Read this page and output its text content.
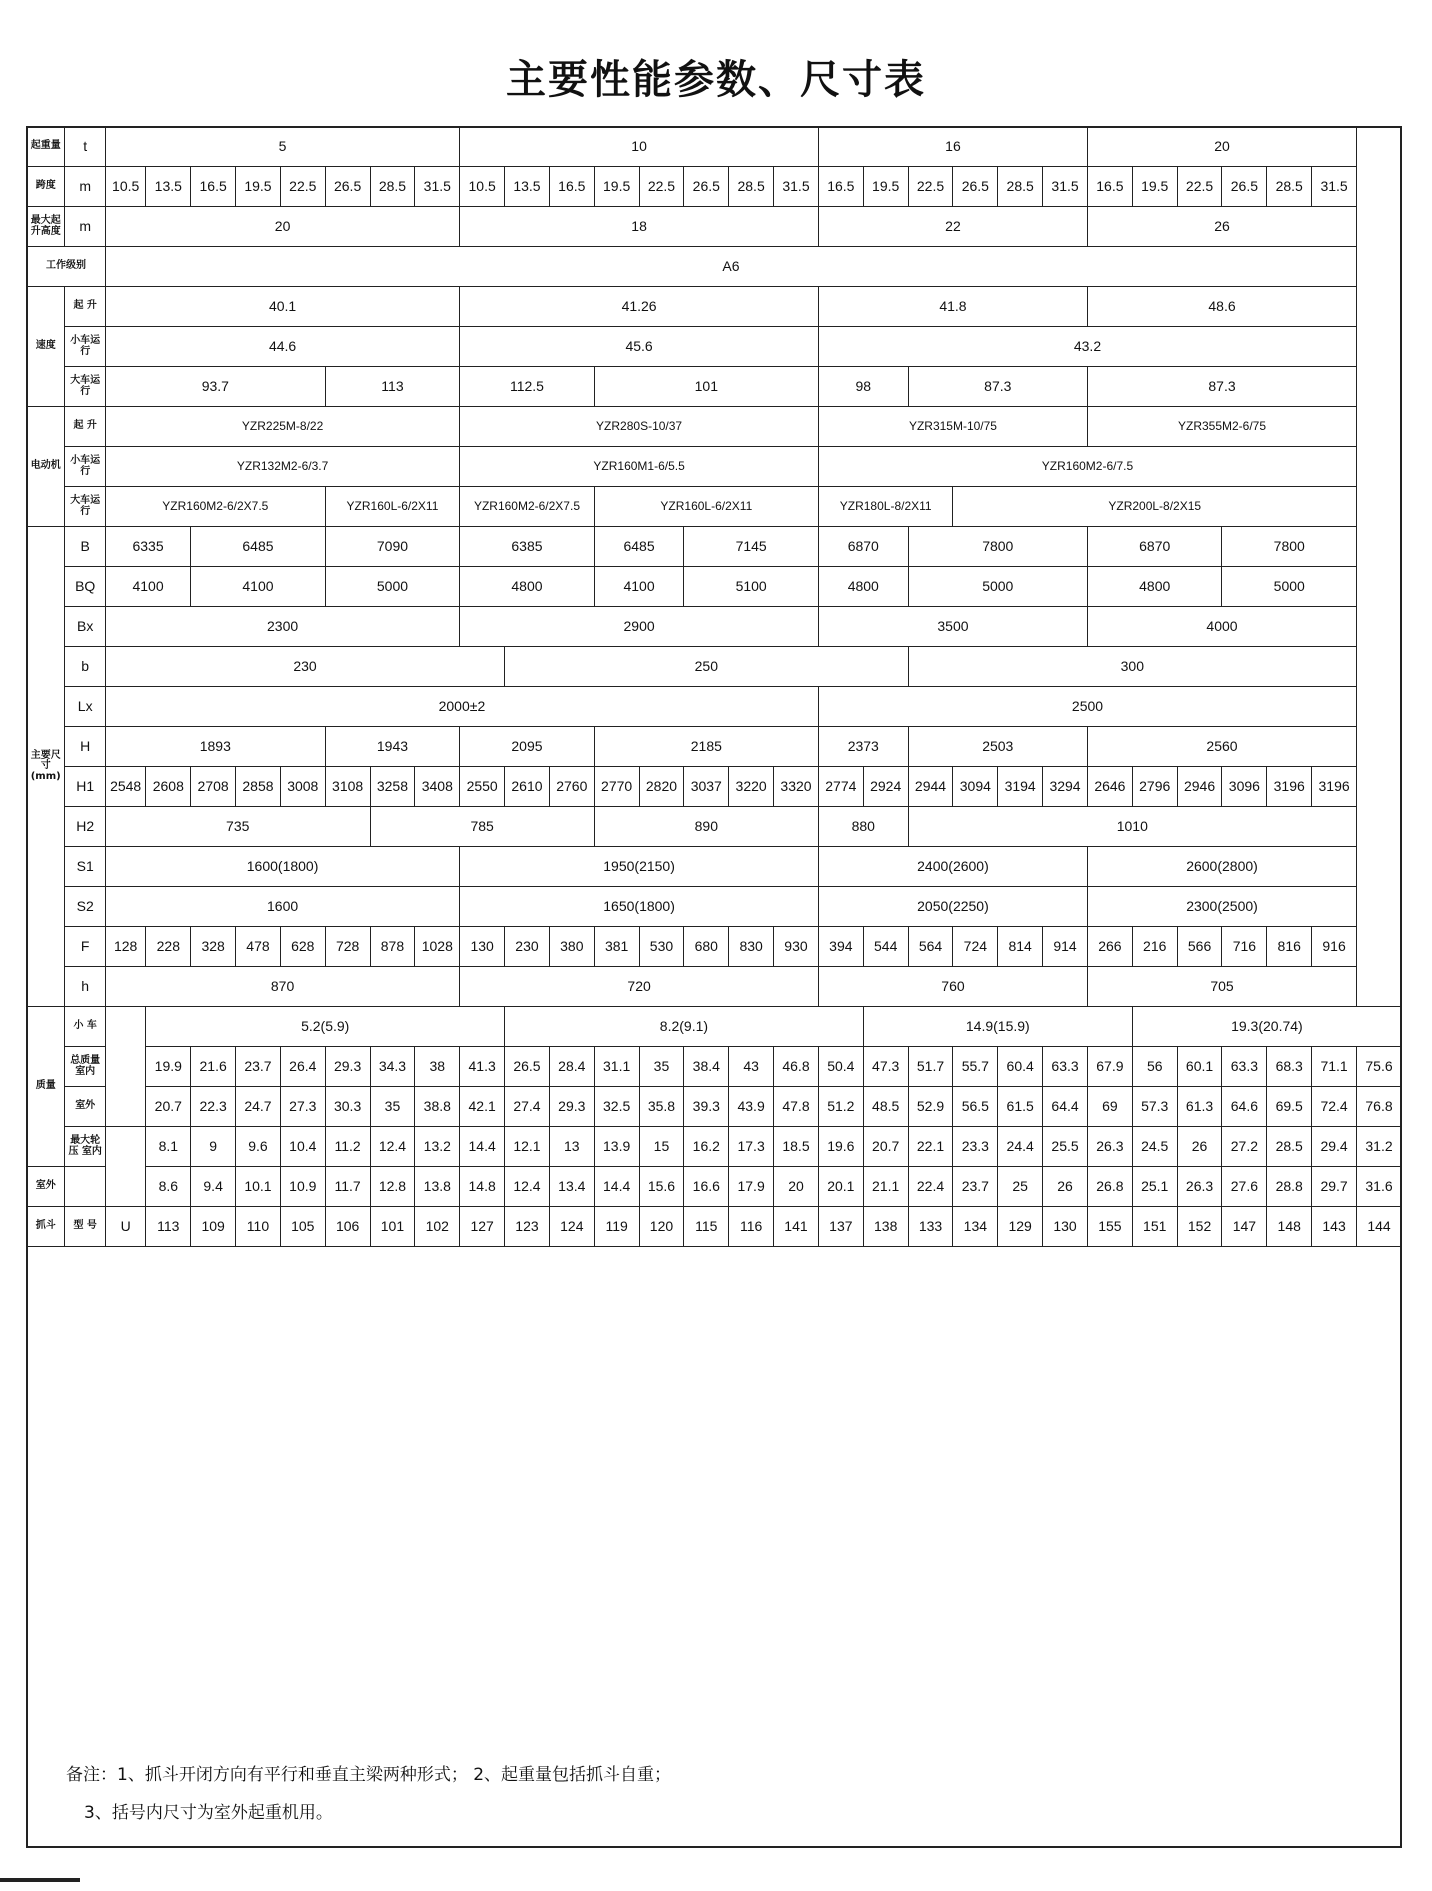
主要性能参数、尺寸表
起重量	t	5								10								16						20						
跨度	m	10.5	13.5	16.5	19.5	22.5	26.5	28.5	31.5	10.5	13.5	16.5	19.5	22.5	26.5	28.5	31.5	16.5	19.5	22.5	26.5	28.5	31.5	16.5	19.5	22.5	26.5	28.5	31.5	
最大起升高度	m	20								18								22						26						
工作级别		A6																												
速度	起 升	40.1								41.26								41.8						48.6						
	小车运行	44.6								45.6								43.2												
	大车运行	93.7					113			112.5			101					98		87.3				87.3						
电动机	起 升	YZR225M-8/22								YZR280S-10/37								YZR315M-10/75						YZR355M2-6/75						
	小车运行	YZR132M2-6/3.7								YZR160M1-6/5.5								YZR160M2-6/7.5												
	大车运行	YZR160M2-6/2X7.5					YZR160L-6/2X11			YZR160M2-6/2X7.5			YZR160L-6/2X11					YZR180L-8/2X11			YZR200L-8/2X15									
主要尺寸(mm)	B	6335		6485			7090			6385			6485		7145			6870		7800				6870			7800			
	BQ	4100		4100			5000			4800			4100		5100			4800		5000				4800			5000			
	Bx	2300								2900								3500						4000						
	b	230									250									300										
	Lx	2000±2																2500												
	H	1893					1943			2095			2185					2373		2503				2560						
	H1	2548	2608	2708	2858	3008	3108	3258	3408	2550	2610	2760	2770	2820	3037	3220	3320	2774	2924	2944	3094	3194	3294	2646	2796	2946	3096	3196	3196	
	H2	735						785					890					880		1010										
	S1	1600(1800)								1950(2150)								2400(2600)						2600(2800)						
	S2	1600								1650(1800)								2050(2250)						2300(2500)						
	F	128	228	328	478	628	728	878	1028	130	230	380	381	530	680	830	930	394	544	564	724	814	914	266	216	566	716	816	916	
	h	870								720								760						705						
质量	小 车		5.2(5.9)								8.2(9.1)								14.9(15.9)						19.3(20.74)					
	总质量 室内		19.9	21.6	23.7	26.4	29.3	34.3	38	41.3	26.5	28.4	31.1	35	38.4	43	46.8	50.4	47.3	51.7	55.7	60.4	63.3	67.9	56	60.1	63.3	68.3	71.1	75.6
	室外		20.7	22.3	24.7	27.3	30.3	35	38.8	42.1	27.4	29.3	32.5	35.8	39.3	43.9	47.8	51.2	48.5	52.9	56.5	61.5	64.4	69	57.3	61.3	64.6	69.5	72.4	76.8
	最大轮压 室内		8.1	9	9.6	10.4	11.2	12.4	13.2	14.4	12.1	13	13.9	15	16.2	17.3	18.5	19.6	20.7	22.1	23.3	24.4	25.5	26.3	24.5	26	27.2	28.5	29.4	31.2
室外			8.6	9.4	10.1	10.9	11.7	12.8	13.8	14.8	12.4	13.4	14.4	15.6	16.6	17.9	20	20.1	21.1	22.4	23.7	25	26	26.8	25.1	26.3	27.6	28.8	29.7	31.6
抓斗	型 号	U	113	109	110	105	106	101	102	127	123	124	119	120	115	116	141	137	138	133	134	129	130	155	151	152	147	148	143	144
备注：1、抓斗开闭方向有平行和垂直主梁两种形式； 2、起重量包括抓斗自重；
3、括号内尺寸为室外起重机用。
